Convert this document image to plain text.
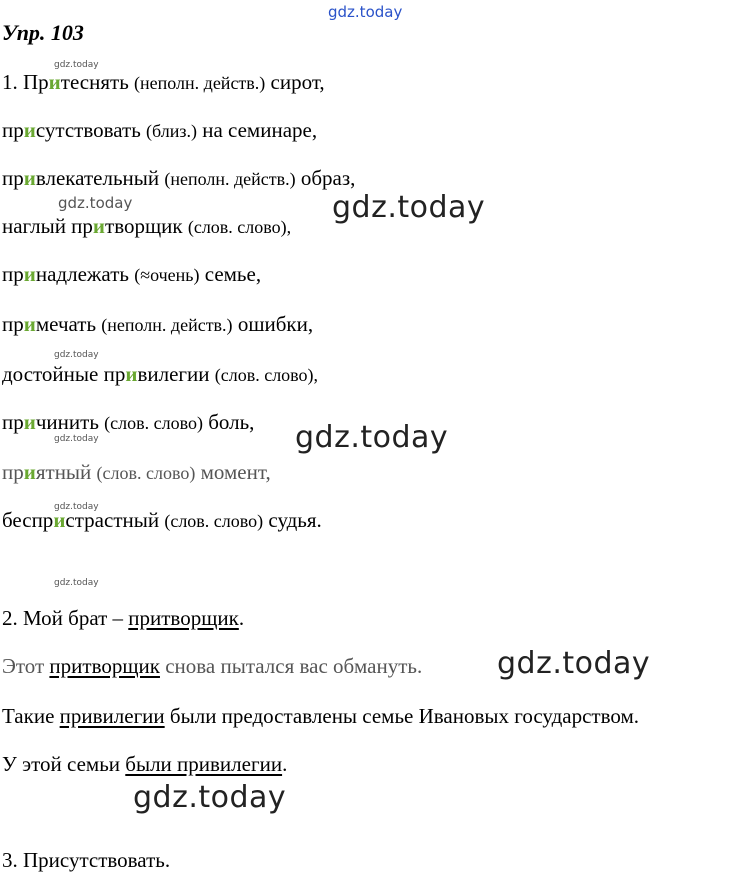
gdz.today
Упр. 103
1. Притеснять (неполн. действ.) сирот,
присутствовать (близ.) на семинаре,
привлекательный (неполн. действ.) образ,
наглый притворщик (слов. слово),
принадлежать (≈очень) семье,
примечать (неполн. действ.) ошибки,
достойные привилегии (слов. слово),
причинить (слов. слово) боль,
приятный (слов. слово) момент,
беспристрастный (слов. слово) судья.
2. Мой брат – притворщик.
Этот притворщик снова пытался вас обмануть.
Такие привилегии были предоставлены семье Ивановых государством.
У этой семьи были привилегии.
3. Присутствовать.
gdz.today
gdz.today	gdz.today
gdz.today
gdz.today
gdz.today
gdz.today
gdz.today
gdz.today
gdz.today
